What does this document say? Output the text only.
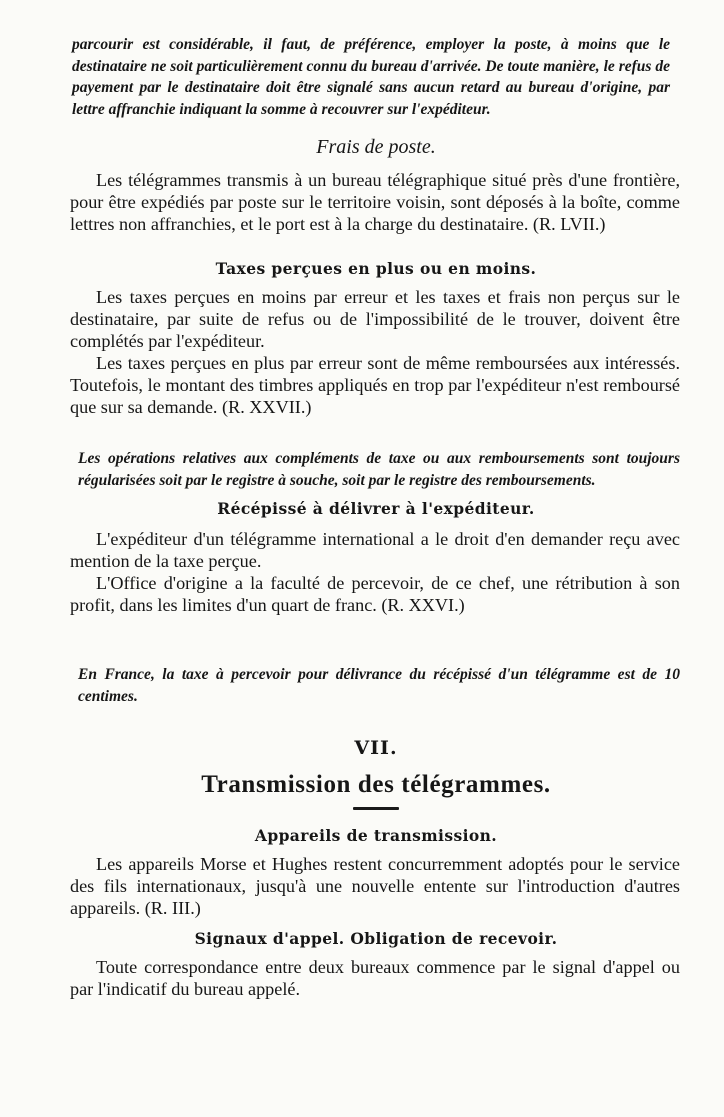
parcourir est considérable, il faut, de préférence, employer la poste, à moins que le destinataire ne soit particulièrement connu du bureau d'arrivée. De toute manière, le refus de payement par le destinataire doit être signalé sans aucun retard au bureau d'origine, par lettre affranchie indiquant la somme à recouvrer sur l'expéditeur.

Frais de poste.

Les télégrammes transmis à un bureau télégraphique situé près d'une frontière, pour être expédiés par poste sur le territoire voisin, sont déposés à la boîte, comme lettres non affranchies, et le port est à la charge du destinataire. (R. LVII.)

Taxes perçues en plus ou en moins.

Les taxes perçues en moins par erreur et les taxes et frais non perçus sur le destinataire, par suite de refus ou de l'impossibilité de le trouver, doivent être complétés par l'expéditeur.

Les taxes perçues en plus par erreur sont de même remboursées aux intéressés. Toutefois, le montant des timbres appliqués en trop par l'expéditeur n'est remboursé que sur sa demande. (R. XXVII.)

Les opérations relatives aux compléments de taxe ou aux remboursements sont toujours régularisées soit par le registre à souche, soit par le registre des remboursements.

Récépissé à délivrer à l'expéditeur.

L'expéditeur d'un télégramme international a le droit d'en demander reçu avec mention de la taxe perçue.

L'Office d'origine a la faculté de percevoir, de ce chef, une rétribution à son profit, dans les limites d'un quart de franc. (R. XXVI.)

En France, la taxe à percevoir pour délivrance du récépissé d'un télégramme est de 10 centimes.

VII.

Transmission des télégrammes.

Appareils de transmission.

Les appareils Morse et Hughes restent concurremment adoptés pour le service des fils internationaux, jusqu'à une nouvelle entente sur l'introduction d'autres appareils. (R. III.)

Signaux d'appel. Obligation de recevoir.

Toute correspondance entre deux bureaux commence par le signal d'appel ou par l'indicatif du bureau appelé.
